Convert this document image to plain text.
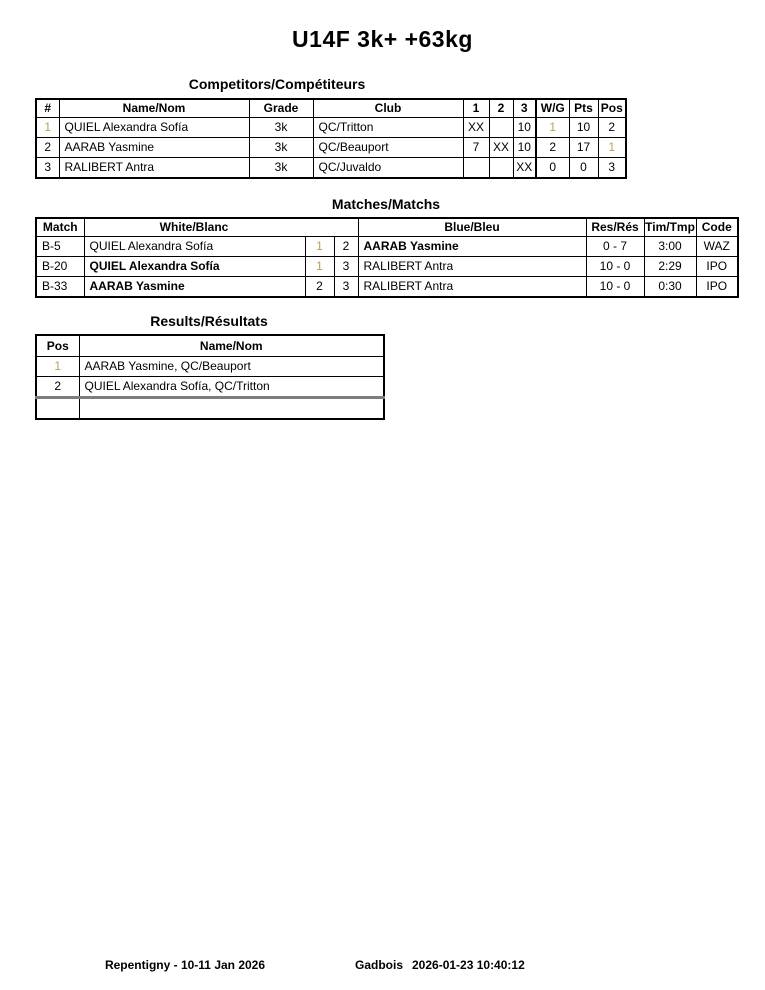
U14F 3k+ +63kg
Competitors/Compétiteurs
#	Name/Nom	Grade	Club	1	2	3	W/G	Pts	Pos
1	QUIEL Alexandra Sofía	3k	QC/Tritton	XX		10	1	10	2
2	AARAB Yasmine	3k	QC/Beauport	7	XX	10	2	17	1
3	RALIBERT Antra	3k	QC/Juvaldo			XX	0	0	3
Matches/Matchs
Match	White/Blanc			Blue/Bleu	Res/Rés	Tim/Tmp	Code
B-5	QUIEL Alexandra Sofía	1	2	AARAB Yasmine	0 - 7	3:00	WAZ
B-20	QUIEL Alexandra Sofía	1	3	RALIBERT Antra	10 - 0	2:29	IPO
B-33	AARAB Yasmine	2	3	RALIBERT Antra	10 - 0	0:30	IPO
Results/Résultats
Pos	Name/Nom
1	AARAB Yasmine, QC/Beauport
2	QUIEL Alexandra Sofía, QC/Tritton

Repentigny - 10-11 Jan 2026	Gadbois 2026-01-23 10:40:12
